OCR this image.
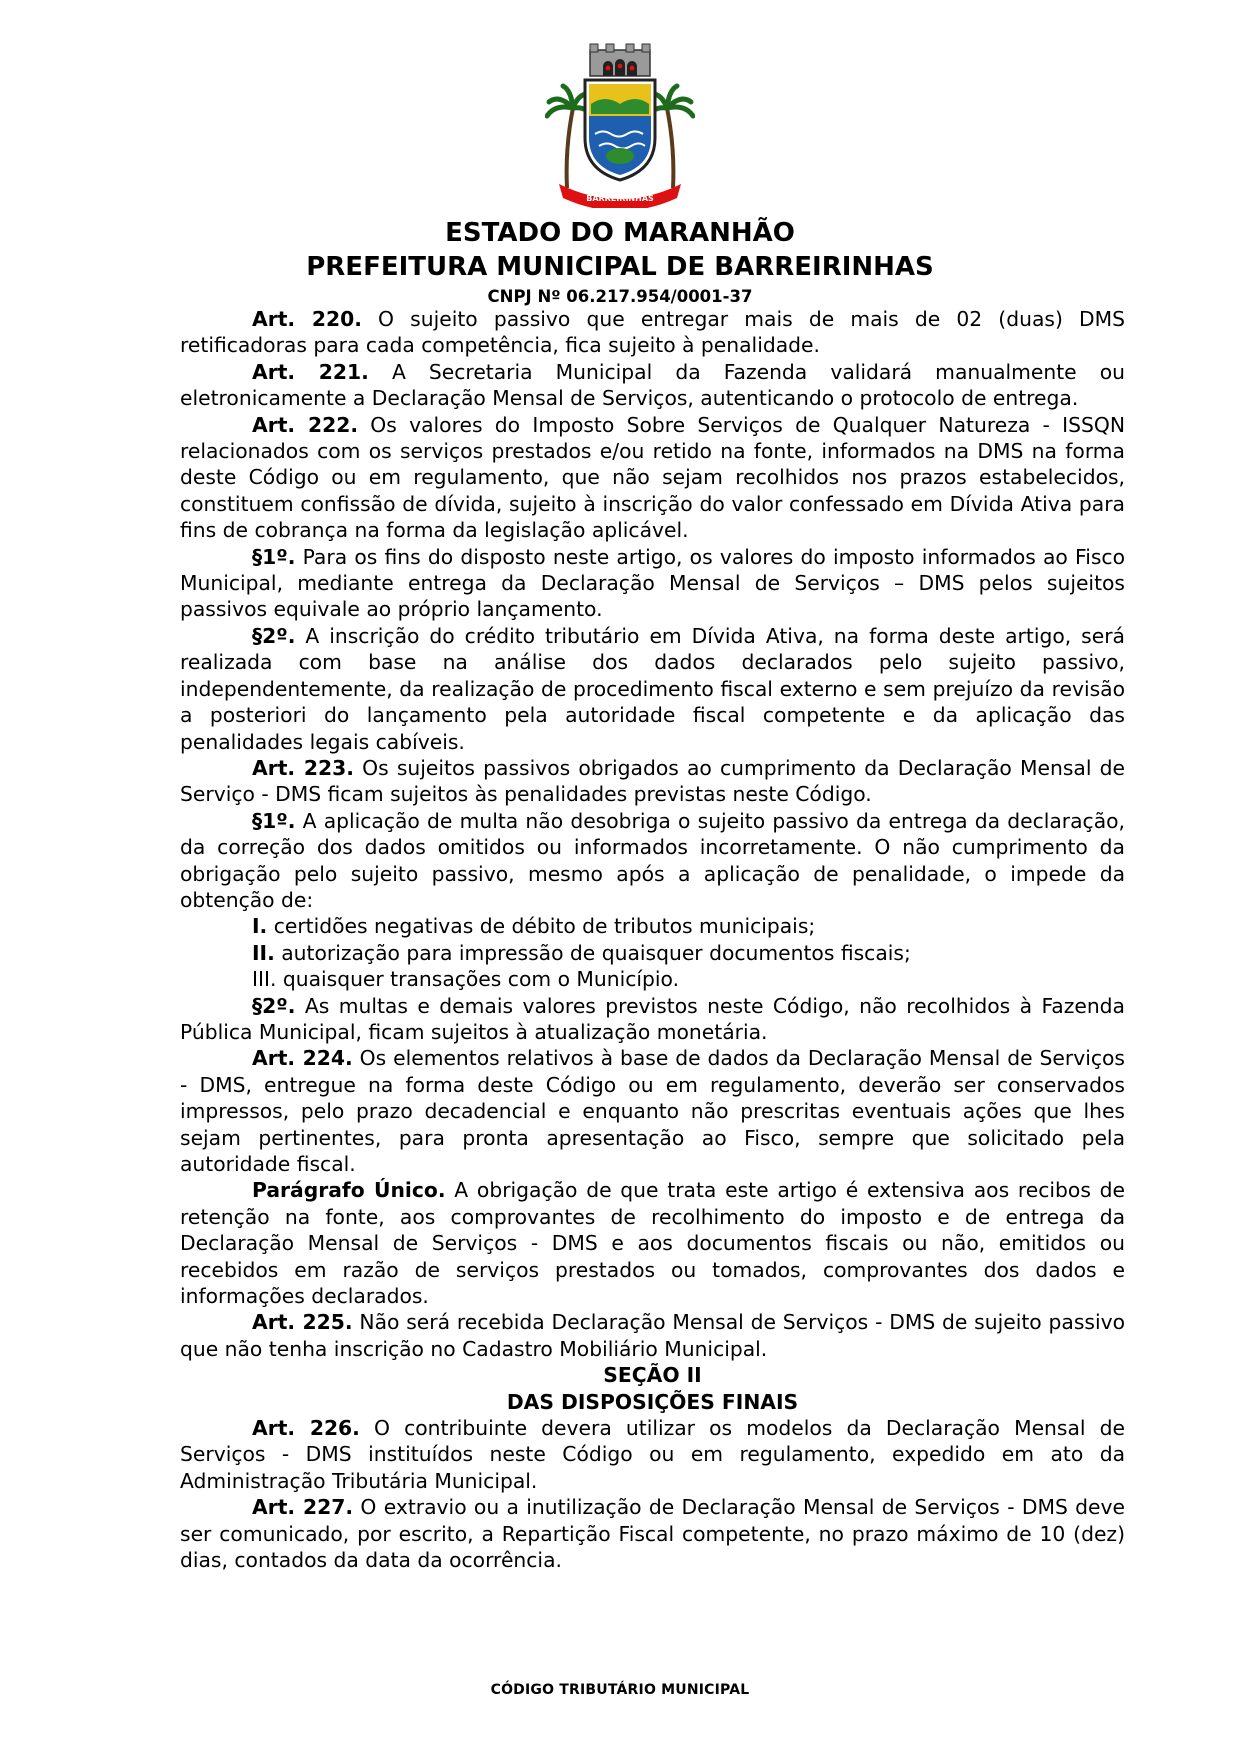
BARREIRINHAS
ESTADO DO MARANHÃO
PREFEITURA MUNICIPAL DE BARREIRINHAS
CNPJ Nº 06.217.954/0001-37

Art. 220. O sujeito passivo que entregar mais de mais de 02 (duas) DMS retificadoras para cada competência, fica sujeito à penalidade.

Art. 221. A Secretaria Municipal da Fazenda validará manualmente ou eletronicamente a Declaração Mensal de Serviços, autenticando o protocolo de entrega.

Art. 222. Os valores do Imposto Sobre Serviços de Qualquer Natureza - ISSQN relacionados com os serviços prestados e/ou retido na fonte, informados na DMS na forma deste Código ou em regulamento, que não sejam recolhidos nos prazos estabelecidos, constituem confissão de dívida, sujeito à inscrição do valor confessado em Dívida Ativa para fins de cobrança na forma da legislação aplicável.

§1º. Para os fins do disposto neste artigo, os valores do imposto informados ao Fisco Municipal, mediante entrega da Declaração Mensal de Serviços – DMS pelos sujeitos passivos equivale ao próprio lançamento.

§2º. A inscrição do crédito tributário em Dívida Ativa, na forma deste artigo, será realizada com base na análise dos dados declarados pelo sujeito passivo, independentemente, da realização de procedimento fiscal externo e sem prejuízo da revisão a posteriori do lançamento pela autoridade fiscal competente e da aplicação das penalidades legais cabíveis.

Art. 223. Os sujeitos passivos obrigados ao cumprimento da Declaração Mensal de Serviço - DMS ficam sujeitos às penalidades previstas neste Código.

§1º. A aplicação de multa não desobriga o sujeito passivo da entrega da declaração, da correção dos dados omitidos ou informados incorretamente. O não cumprimento da obrigação pelo sujeito passivo, mesmo após a aplicação de penalidade, o impede da obtenção de:

I. certidões negativas de débito de tributos municipais;

II. autorização para impressão de quaisquer documentos fiscais;

III. quaisquer transações com o Município.

§2º. As multas e demais valores previstos neste Código, não recolhidos à Fazenda Pública Municipal, ficam sujeitos à atualização monetária.

Art. 224. Os elementos relativos à base de dados da Declaração Mensal de Serviços - DMS, entregue na forma deste Código ou em regulamento, deverão ser conservados impressos, pelo prazo decadencial e enquanto não prescritas eventuais ações que lhes sejam pertinentes, para pronta apresentação ao Fisco, sempre que solicitado pela autoridade fiscal.

Parágrafo Único. A obrigação de que trata este artigo é extensiva aos recibos de retenção na fonte, aos comprovantes de recolhimento do imposto e de entrega da Declaração Mensal de Serviços - DMS e aos documentos fiscais ou não, emitidos ou recebidos em razão de serviços prestados ou tomados, comprovantes dos dados e informações declarados.

Art. 225. Não será recebida Declaração Mensal de Serviços - DMS de sujeito passivo que não tenha inscrição no Cadastro Mobiliário Municipal.

SEÇÃO II

DAS DISPOSIÇÕES FINAIS

Art. 226. O contribuinte devera utilizar os modelos da Declaração Mensal de Serviços - DMS instituídos neste Código ou em regulamento, expedido em ato da Administração Tributária Municipal.

Art. 227. O extravio ou a inutilização de Declaração Mensal de Serviços - DMS deve ser comunicado, por escrito, a Repartição Fiscal competente, no prazo máximo de 10 (dez) dias, contados da data da ocorrência.

CÓDIGO TRIBUTÁRIO MUNICIPAL
